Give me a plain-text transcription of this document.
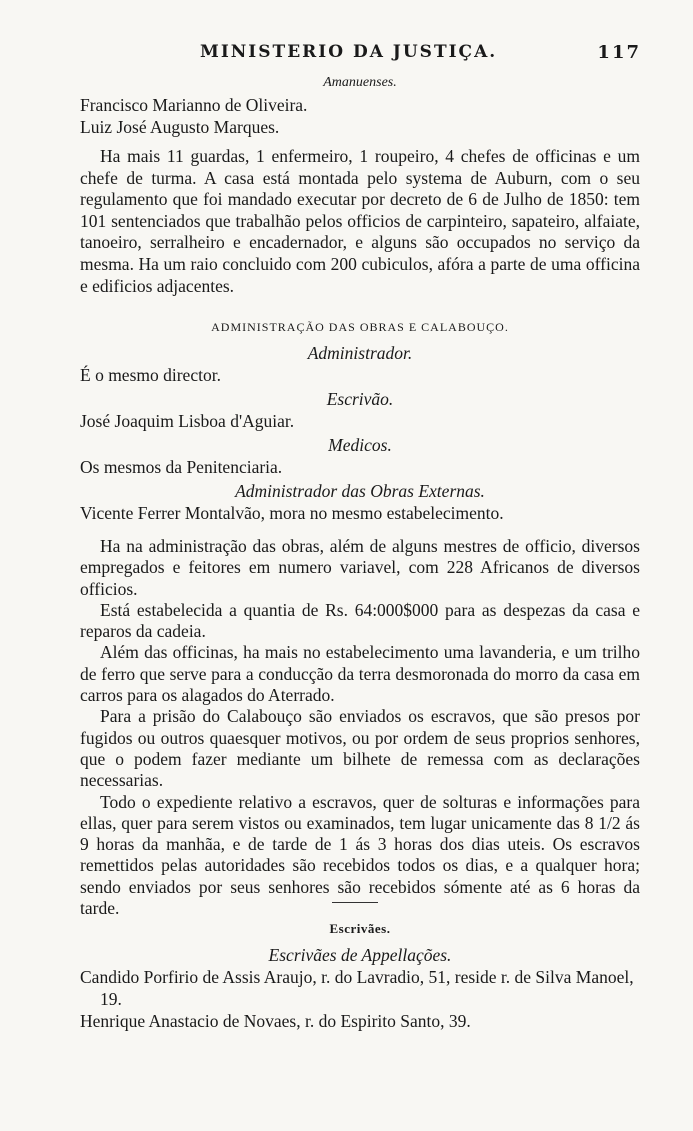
MINISTERIO DA JUSTIÇA.	117
Amanuenses.
Francisco Marianno de Oliveira.
Luiz José Augusto Marques.

Ha mais 11 guardas, 1 enfermeiro, 1 roupeiro, 4 chefes de officinas e um chefe de turma. A casa está montada pelo systema de Auburn, com o seu regulamento que foi mandado executar por decreto de 6 de Julho de 1850: tem 101 sentenciados que trabalhão pelos officios de carpinteiro, sapateiro, alfaiate, tanoeiro, serralheiro e encadernador, e alguns são occupados no serviço da mesma. Ha um raio concluido com 200 cubiculos, afóra a parte de uma officina e edificios adjacentes.

ADMINISTRAÇÃO DAS OBRAS E CALABOUÇO.
Administrador.
É o mesmo director.
Escrivão.
José Joaquim Lisboa d'Aguiar.
Medicos.
Os mesmos da Penitenciaria.
Administrador das Obras Externas.
Vicente Ferrer Montalvão, mora no mesmo estabelecimento.

Ha na administração das obras, além de alguns mestres de officio, diversos empregados e feitores em numero variavel, com 228 Africanos de diversos officios.

Está estabelecida a quantia de Rs. 64:000$000 para as despezas da casa e reparos da cadeia.

Além das officinas, ha mais no estabelecimento uma lavanderia, e um trilho de ferro que serve para a conducção da terra desmoronada do morro da casa em carros para os alagados do Aterrado.

Para a prisão do Calabouço são enviados os escravos, que são presos por fugidos ou outros quaesquer motivos, ou por ordem de seus proprios senhores, que o podem fazer mediante um bilhete de remessa com as declarações necessarias.

Todo o expediente relativo a escravos, quer de solturas e informações para ellas, quer para serem vistos ou examinados, tem lugar unicamente das 8 1/2 ás 9 horas da manhãa, e de tarde de 1 ás 3 horas dos dias uteis. Os escravos remettidos pelas autoridades são recebidos todos os dias, e a qualquer hora; sendo enviados por seus senhores são recebidos sómente até as 6 horas da tarde.

Escrivães.
Escrivães de Appellações.
Candido Porfirio de Assis Araujo, r. do Lavradio, 51, reside r. de Silva Manoel, 19.
Henrique Anastacio de Novaes, r. do Espirito Santo, 39.
